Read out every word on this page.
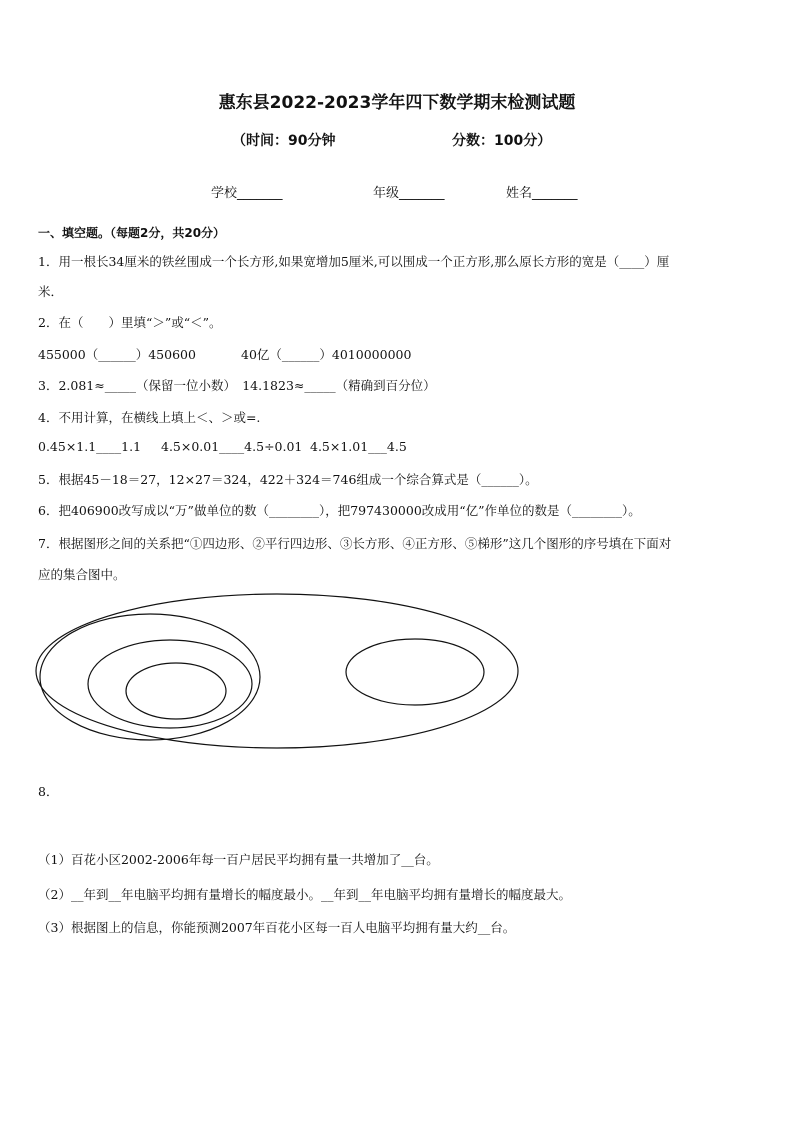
惠东县2022-2023学年四下数学期末检测试题
（时间：90分钟	分数：100分）
学校_______	年级_______	姓名_______
一、填空题。（每题2分，共20分）
1．用一根长34厘米的铁丝围成一个长方形,如果宽增加5厘米,可以围成一个正方形,那么原长方形的宽是（____）厘
米．
2．在（　　）里填“＞”或“＜”。
455000（______）450600	40亿（______）4010000000
3．2.081≈_____（保留一位小数）　14.1823≈_____（精确到百分位）
4．不用计算，在横线上填上＜、＞或=.
0.45×1.1____1.1 4.5×0.01____4.5÷0.01 4.5×1.01___4.5
5．根据45－18＝27，12×27＝324，422＋324＝746组成一个综合算式是（______）。
6．把406900改写成以“万”做单位的数（________），把797430000改成用“亿”作单位的数是（________）。
7．根据图形之间的关系把“①四边形、②平行四边形、③长方形、④正方形、⑤梯形”这几个图形的序号填在下面对
应的集合图中。
8．
（1）百花小区2002-2006年每一百户居民平均拥有量一共增加了__台。
（2）__年到__年电脑平均拥有量增长的幅度最小。__年到__年电脑平均拥有量增长的幅度最大。
（3）根据图上的信息，你能预测2007年百花小区每一百人电脑平均拥有量大约__台。
